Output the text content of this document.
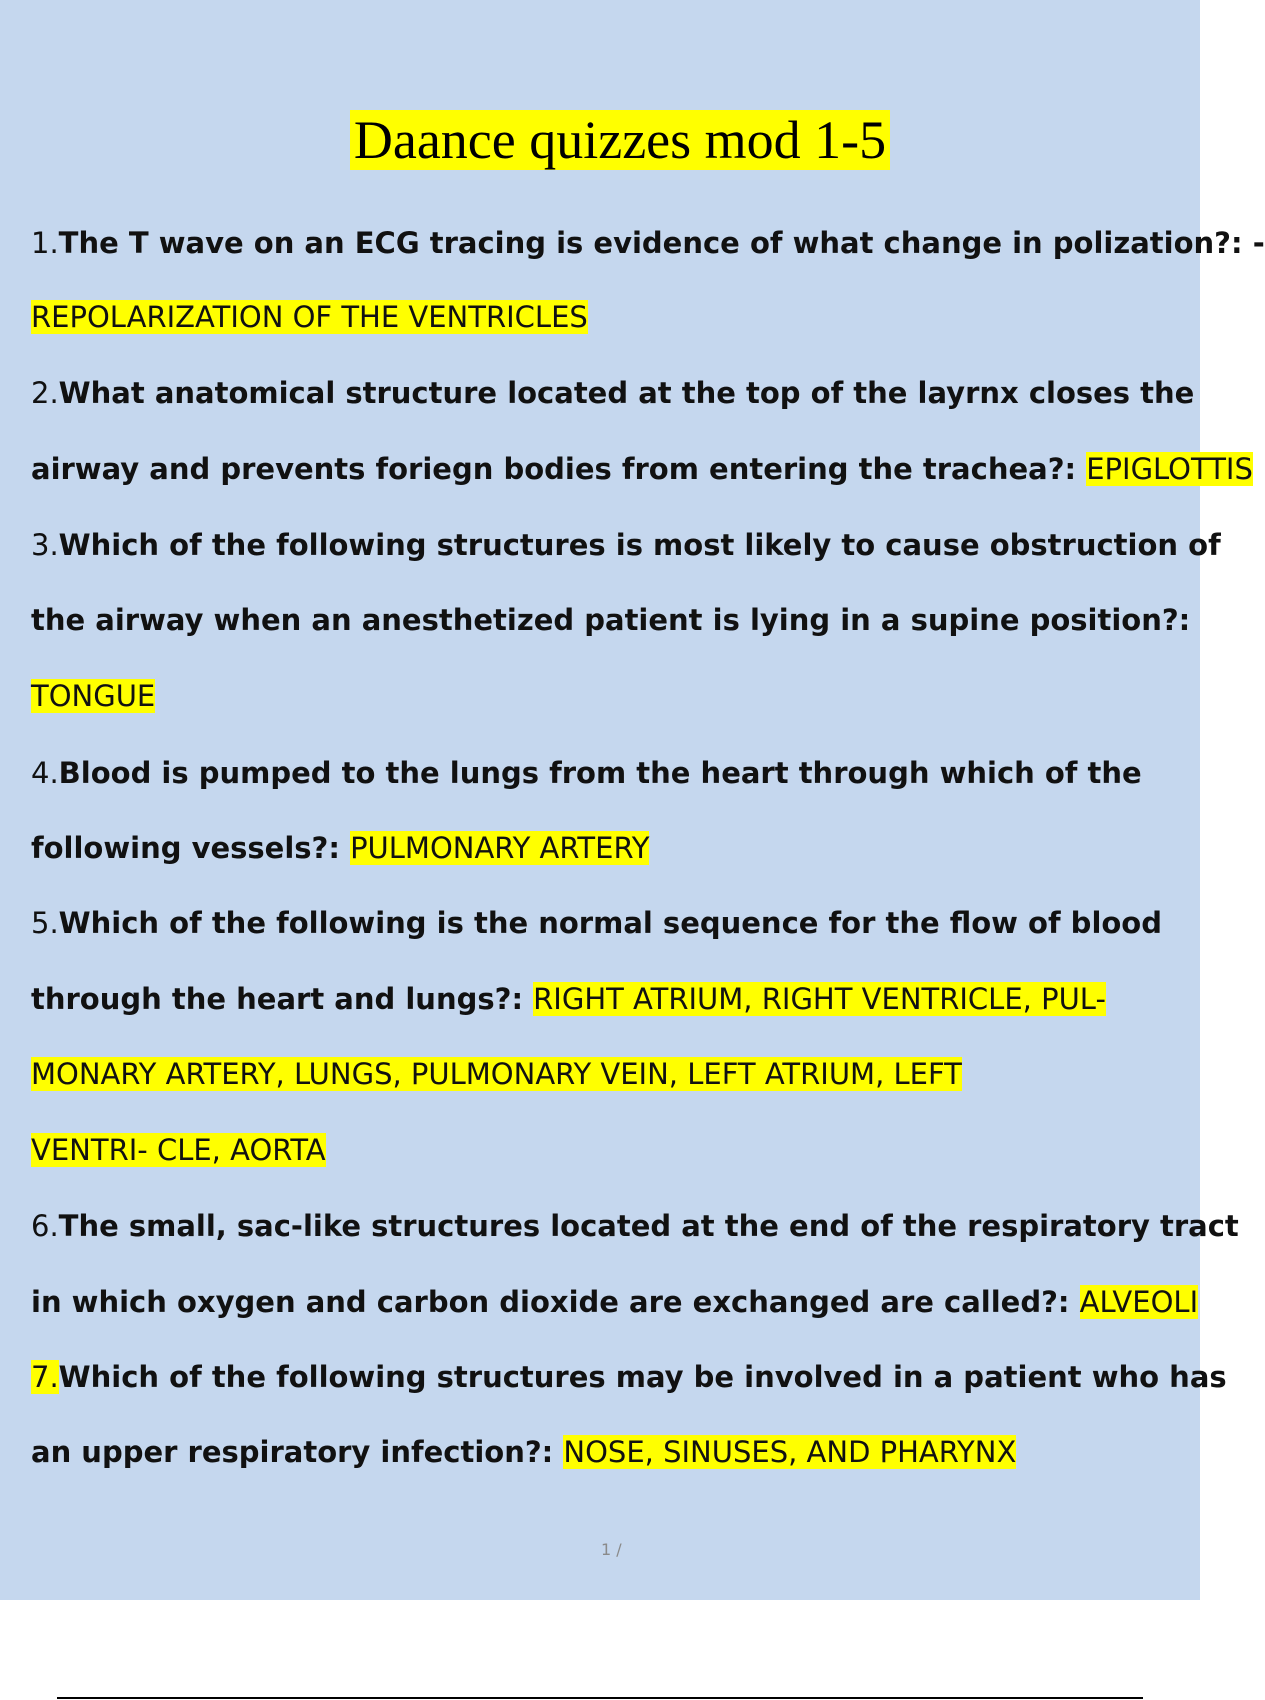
Daance quizzes mod 1-5
1.The T wave on an ECG tracing is evidence of what change in polization?: -
REPOLARIZATION OF THE VENTRICLES
2.What anatomical structure located at the top of the layrnx closes the
airway and prevents foriegn bodies from entering the trachea?: EPIGLOTTIS
3.Which of the following structures is most likely to cause obstruction of
the airway when an anesthetized patient is lying in a supine position?:
TONGUE
4.Blood is pumped to the lungs from the heart through which of the
following vessels?: PULMONARY ARTERY
5.Which of the following is the normal sequence for the flow of blood
through the heart and lungs?: RIGHT ATRIUM, RIGHT VENTRICLE, PUL-
MONARY ARTERY, LUNGS, PULMONARY VEIN, LEFT ATRIUM, LEFT
VENTRI- CLE, AORTA
6.The small, sac-like structures located at the end of the respiratory tract
in which oxygen and carbon dioxide are exchanged are called?: ALVEOLI
7.Which of the following structures may be involved in a patient who has
an upper respiratory infection?: NOSE, SINUSES, AND PHARYNX
1 /
